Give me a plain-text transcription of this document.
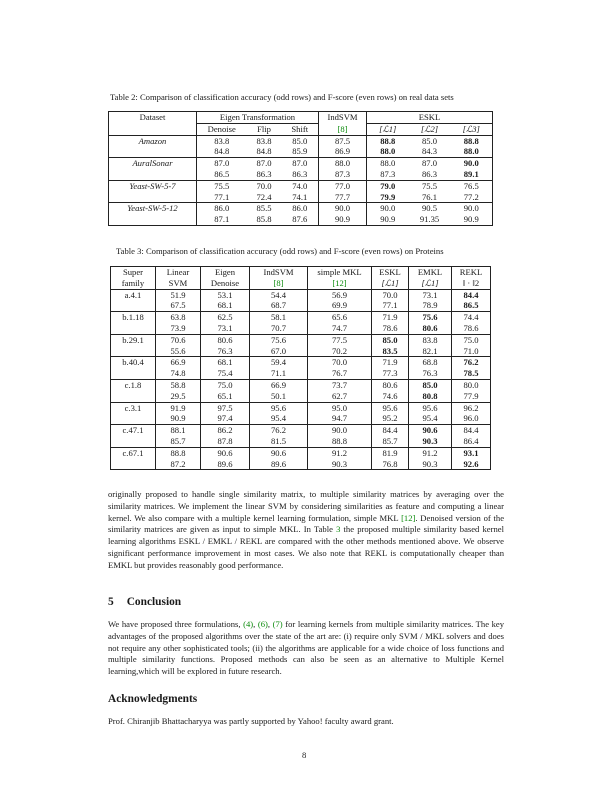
Table 2: Comparison of classification accuracy (odd rows) and F-score (even rows) on real data sets
Dataset	Eigen Transformation			IndSVM	ESKL		
	Denoise	Flip	Shift	[8]	[ℒ1]	[ℒ2]	[ℒ3]
Amazon	83.8	83.8	85.0	87.5	88.8	85.0	88.8
	84.8	84.8	85.9	86.9	88.0	84.3	88.0
AuralSonar	87.0	87.0	87.0	88.0	88.0	87.0	90.0
	86.5	86.3	86.3	87.3	87.3	86.3	89.1
Yeast-SW-5-7	75.5	70.0	74.0	77.0	79.0	75.5	76.5
	77.1	72.4	74.1	77.7	79.9	76.1	77.2
Yeast-SW-5-12	86.0	85.5	86.0	90.0	90.0	90.5	90.0
	87.1	85.8	87.6	90.9	90.9	91.35	90.9
Table 3: Comparison of classification accuracy (odd rows) and F-score (even rows) on Proteins
Super	Linear	Eigen	IndSVM	simple MKL	ESKL	EMKL	REKL
family	SVM	Denoise	[8]	[12]	[ℒ1]	[ℒ1]	‖ · ‖2
a.4.1	51.9	53.1	54.4	56.9	70.0	73.1	84.4
	67.5	68.1	68.7	69.9	77.1	78.9	86.5
b.1.18	63.8	62.5	58.1	65.6	71.9	75.6	74.4
	73.9	73.1	70.7	74.7	78.6	80.6	78.6
b.29.1	70.6	80.6	75.6	77.5	85.0	83.8	75.0
	55.6	76.3	67.0	70.2	83.5	82.1	71.0
b.40.4	66.9	68.1	59.4	70.0	71.9	68.8	76.2
	74.8	75.4	71.1	76.7	77.3	76.3	78.5
c.1.8	58.8	75.0	66.9	73.7	80.6	85.0	80.0
	29.5	65.1	50.1	62.7	74.6	80.8	77.9
c.3.1	91.9	97.5	95.6	95.0	95.6	95.6	96.2
	90.9	97.4	95.4	94.7	95.2	95.4	96.0
c.47.1	88.1	86.2	76.2	90.0	84.4	90.6	84.4
	85.7	87.8	81.5	88.8	85.7	90.3	86.4
c.67.1	88.8	90.6	90.6	91.2	81.9	91.2	93.1
	87.2	89.6	89.6	90.3	76.8	90.3	92.6
originally proposed to handle single similarity matrix, to multiple similarity matrices by averaging over the similarity matrices. We implement the linear SVM by considering similarities as feature and computing a linear kernel. We also compare with a multiple kernel learning formulation, simple MKL [12]. Denoised version of the similarity matrices are given as input to simple MKL. In Table 3 the proposed multiple similarity based kernel learning algorithms ESKL / EMKL / REKL are compared with the other methods mentioned above. We observe significant performance improvement in most cases. We also note that REKL is computationally cheaper than EMKL but provides reasonably good performance.
5 Conclusion
We have proposed three formulations, (4), (6), (7) for learning kernels from multiple similarity matrices. The key advantages of the proposed algorithms over the state of the art are: (i) require only SVM / MKL solvers and does not require any other sophisticated tools; (ii) the algorithms are applicable for a wide choice of loss functions and multiple similarity functions. Proposed methods can also be seen as an alternative to Multiple Kernel learning,which will be explored in future research.
Acknowledgments
Prof. Chiranjib Bhattacharyya was partly supported by Yahoo! faculty award grant.
8
